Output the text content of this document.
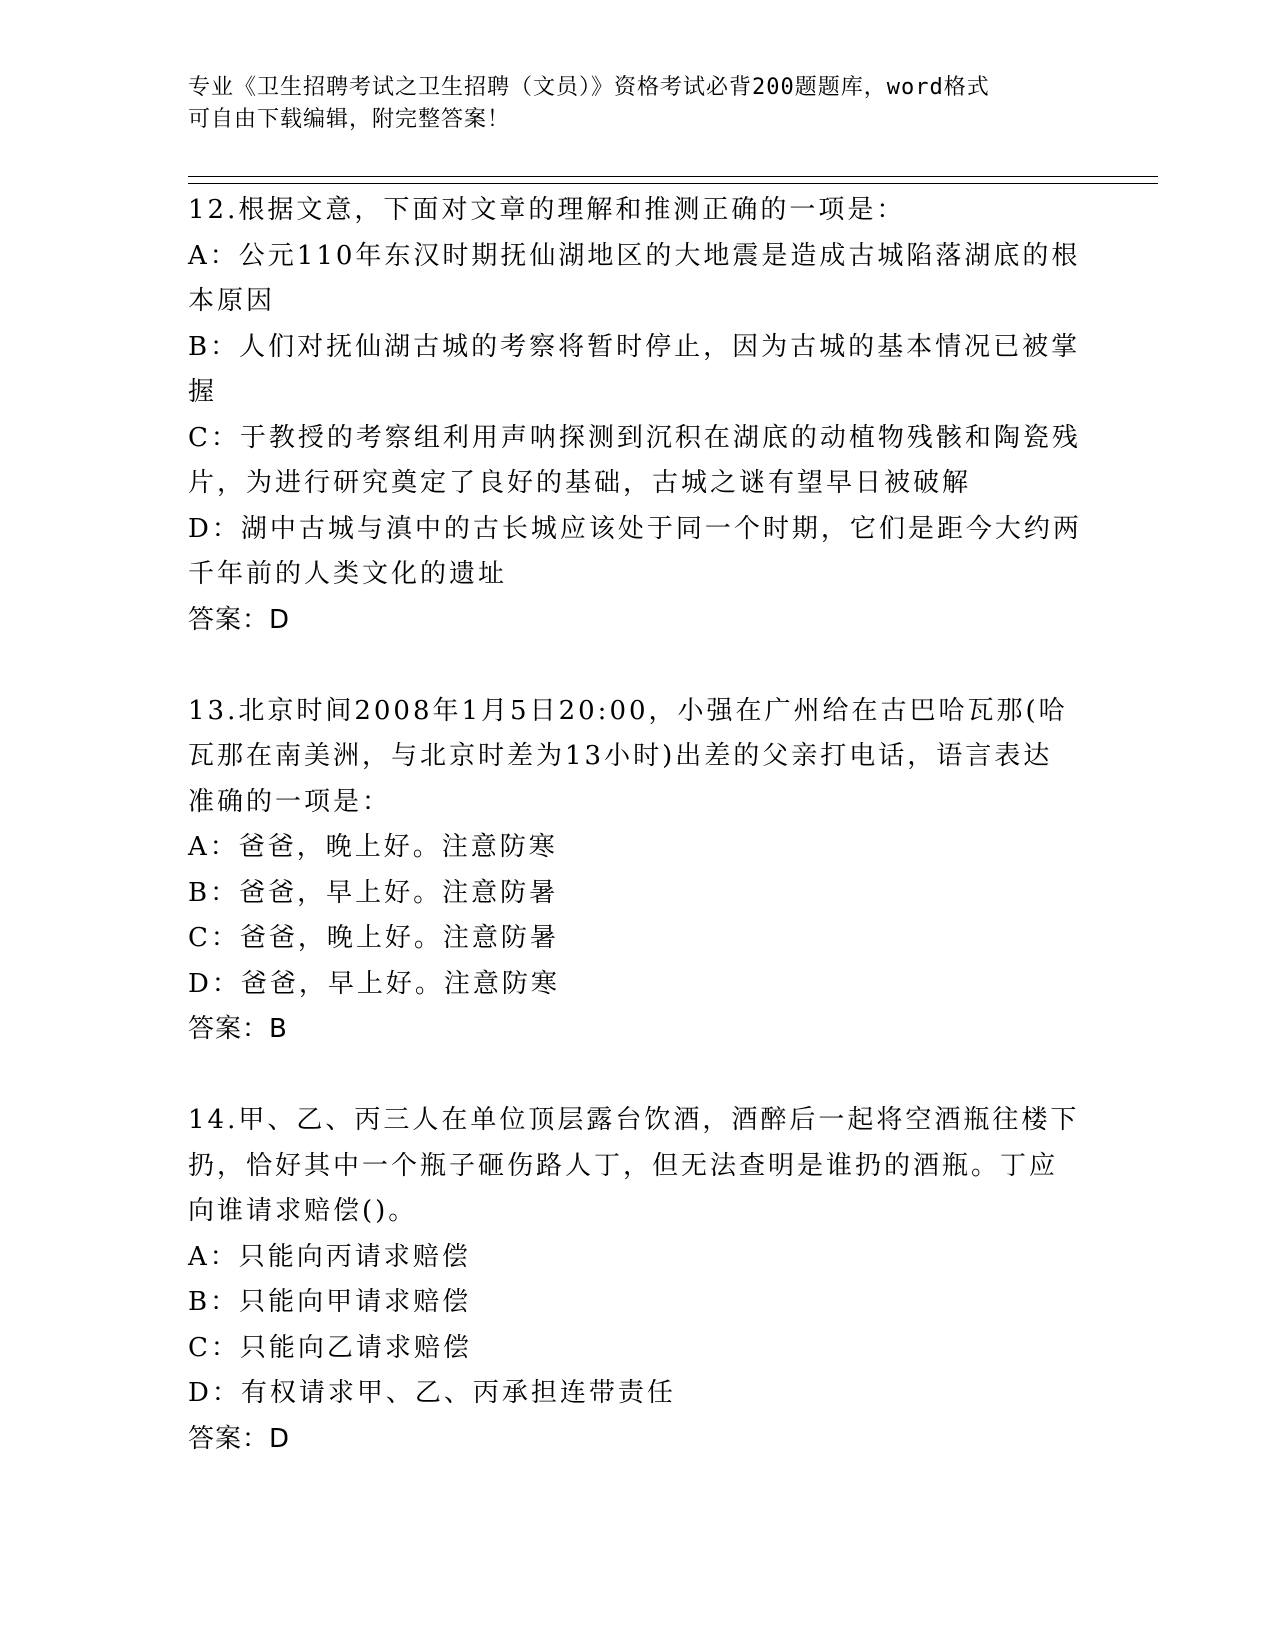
专业《卫生招聘考试之卫生招聘（文员）》资格考试必背200题题库，word格式
可自由下载编辑，附完整答案！
12.根据文意，下面对文章的理解和推测正确的一项是：
A：公元110年东汉时期抚仙湖地区的大地震是造成古城陷落湖底的根
本原因
B：人们对抚仙湖古城的考察将暂时停止，因为古城的基本情况已被掌
握
C：于教授的考察组利用声呐探测到沉积在湖底的动植物残骸和陶瓷残
片，为进行研究奠定了良好的基础，古城之谜有望早日被破解
D：湖中古城与滇中的古长城应该处于同一个时期，它们是距今大约两
千年前的人类文化的遗址
答案：D
13.北京时间2008年1月5日20:00，小强在广州给在古巴哈瓦那(哈
瓦那在南美洲，与北京时差为13小时)出差的父亲打电话，语言表达
准确的一项是：
A：爸爸，晚上好。注意防寒
B：爸爸，早上好。注意防暑
C：爸爸，晚上好。注意防暑
D：爸爸，早上好。注意防寒
答案：B
14.甲、乙、丙三人在单位顶层露台饮酒，酒醉后一起将空酒瓶往楼下
扔，恰好其中一个瓶子砸伤路人丁，但无法查明是谁扔的酒瓶。丁应
向谁请求赔偿()。
A：只能向丙请求赔偿
B：只能向甲请求赔偿
C：只能向乙请求赔偿
D：有权请求甲、乙、丙承担连带责任
答案：D
